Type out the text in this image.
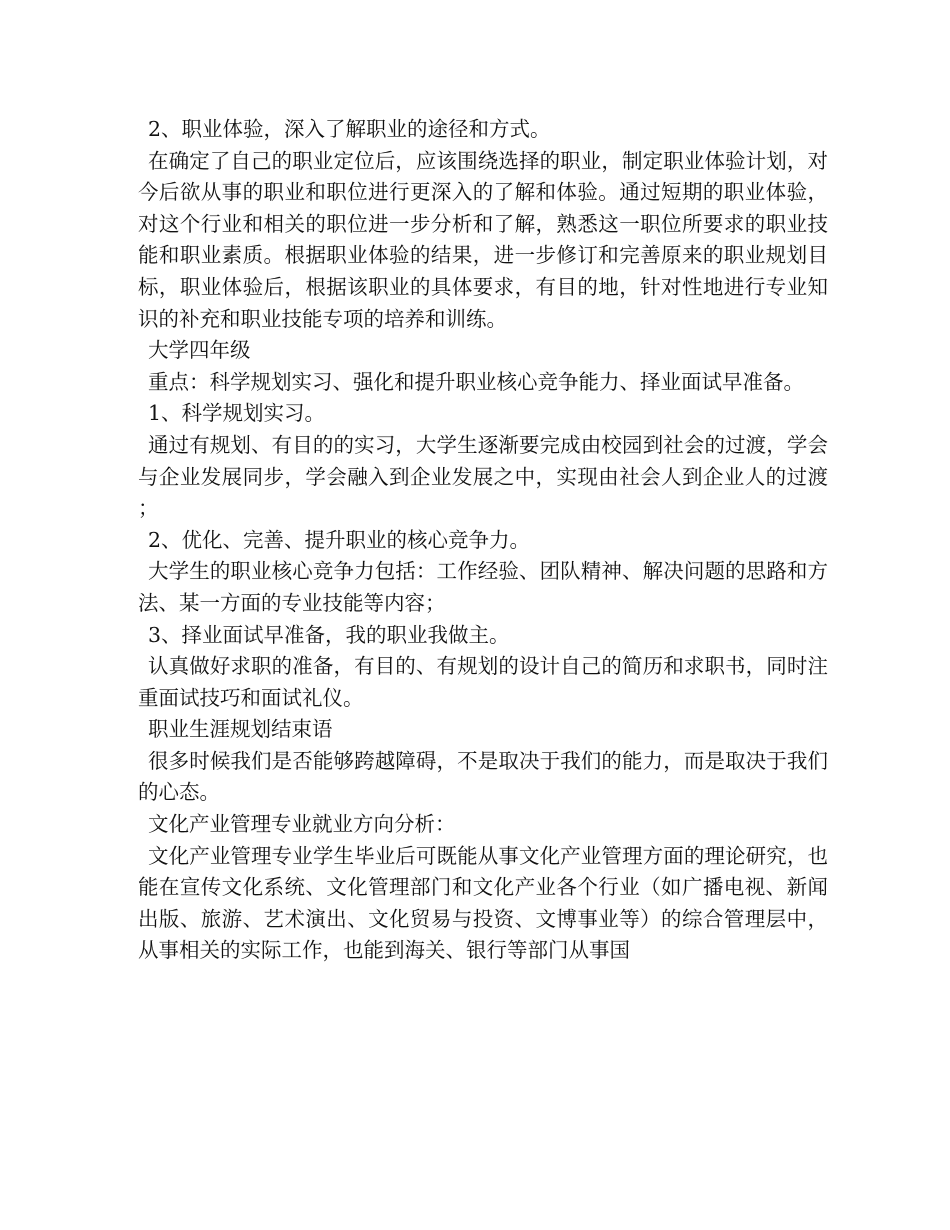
2、职业体验，深入了解职业的途径和方式。

在确定了自己的职业定位后，应该围绕选择的职业，制定职业体验计划，对今后欲从事的职业和职位进行更深入的了解和体验。通过短期的职业体验，对这个行业和相关的职位进一步分析和了解，熟悉这一职位所要求的职业技能和职业素质。根据职业体验的结果，进一步修订和完善原来的职业规划目标，职业体验后，根据该职业的具体要求，有目的地，针对性地进行专业知识的补充和职业技能专项的培养和训练。

大学四年级

重点：科学规划实习、强化和提升职业核心竞争能力、择业面试早准备。

1、科学规划实习。

通过有规划、有目的的实习，大学生逐渐要完成由校园到社会的过渡，学会与企业发展同步，学会融入到企业发展之中，实现由社会人到企业人的过渡；

2、优化、完善、提升职业的核心竞争力。

大学生的职业核心竞争力包括：工作经验、团队精神、解决问题的思路和方法、某一方面的专业技能等内容；

3、择业面试早准备，我的职业我做主。

认真做好求职的准备，有目的、有规划的设计自己的简历和求职书，同时注重面试技巧和面试礼仪。

职业生涯规划结束语

很多时候我们是否能够跨越障碍，不是取决于我们的能力，而是取决于我们的心态。

文化产业管理专业就业方向分析：

文化产业管理专业学生毕业后可既能从事文化产业管理方面的理论研究，也能在宣传文化系统、文化管理部门和文化产业各个行业（如广播电视、新闻出版、旅游、艺术演出、文化贸易与投资、文博事业等）的综合管理层中，从事相关的实际工作，也能到海关、银行等部门从事国
